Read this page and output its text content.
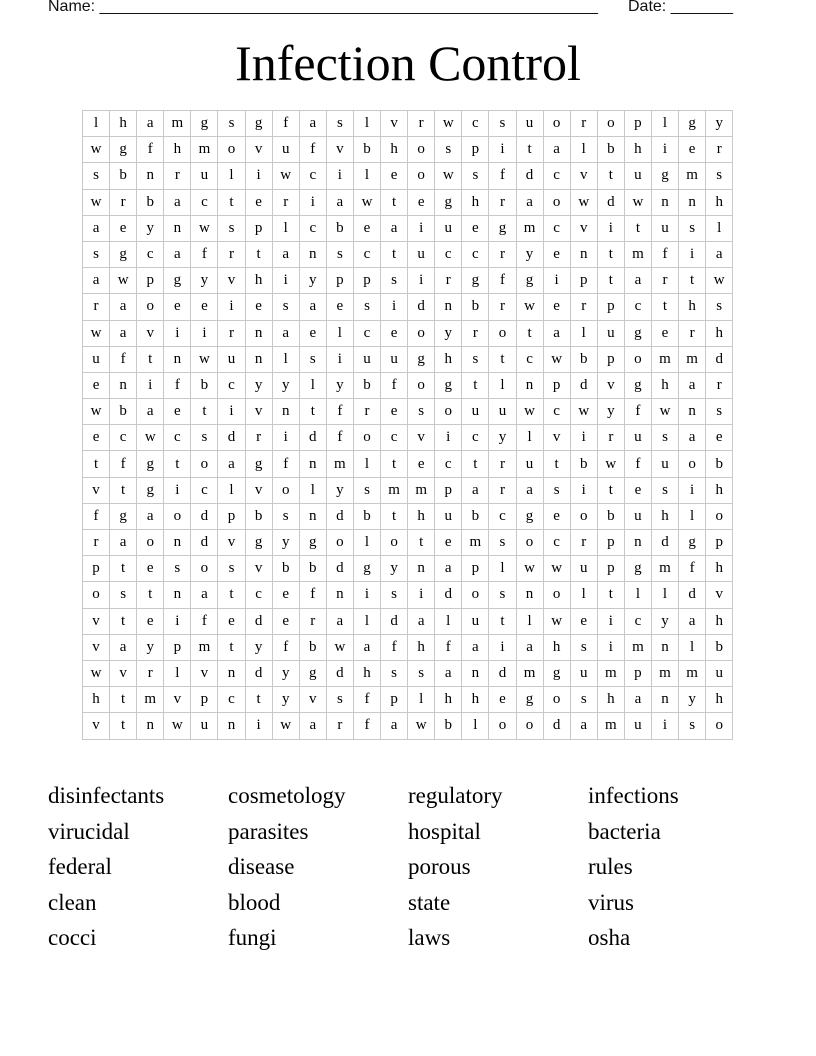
Name: ________________________________________________________ Date: _______
Infection Control
l	h	a	m	g	s	g	f	a	s	l	v	r	w	c	s	u	o	r	o	p	l	g	y
w	g	f	h	m	o	v	u	f	v	b	h	o	s	p	i	t	a	l	b	h	i	e	r
s	b	n	r	u	l	i	w	c	i	l	e	o	w	s	f	d	c	v	t	u	g	m	s
w	r	b	a	c	t	e	r	i	a	w	t	e	g	h	r	a	o	w	d	w	n	n	h
a	e	y	n	w	s	p	l	c	b	e	a	i	u	e	g	m	c	v	i	t	u	s	l
s	g	c	a	f	r	t	a	n	s	c	t	u	c	c	r	y	e	n	t	m	f	i	a
a	w	p	g	y	v	h	i	y	p	p	s	i	r	g	f	g	i	p	t	a	r	t	w
r	a	o	e	e	i	e	s	a	e	s	i	d	n	b	r	w	e	r	p	c	t	h	s
w	a	v	i	i	r	n	a	e	l	c	e	o	y	r	o	t	a	l	u	g	e	r	h
u	f	t	n	w	u	n	l	s	i	u	u	g	h	s	t	c	w	b	p	o	m	m	d
e	n	i	f	b	c	y	y	l	y	b	f	o	g	t	l	n	p	d	v	g	h	a	r
w	b	a	e	t	i	v	n	t	f	r	e	s	o	u	u	w	c	w	y	f	w	n	s
e	c	w	c	s	d	r	i	d	f	o	c	v	i	c	y	l	v	i	r	u	s	a	e
t	f	g	t	o	a	g	f	n	m	l	t	e	c	t	r	u	t	b	w	f	u	o	b
v	t	g	i	c	l	v	o	l	y	s	m	m	p	a	r	a	s	i	t	e	s	i	h
f	g	a	o	d	p	b	s	n	d	b	t	h	u	b	c	g	e	o	b	u	h	l	o
r	a	o	n	d	v	g	y	g	o	l	o	t	e	m	s	o	c	r	p	n	d	g	p
p	t	e	s	o	s	v	b	b	d	g	y	n	a	p	l	w	w	u	p	g	m	f	h
o	s	t	n	a	t	c	e	f	n	i	s	i	d	o	s	n	o	l	t	l	l	d	v
v	t	e	i	f	e	d	e	r	a	l	d	a	l	u	t	l	w	e	i	c	y	a	h
v	a	y	p	m	t	y	f	b	w	a	f	h	f	a	i	a	h	s	i	m	n	l	b
w	v	r	l	v	n	d	y	g	d	h	s	s	a	n	d	m	g	u	m	p	m	m	u
h	t	m	v	p	c	t	y	v	s	f	p	l	h	h	e	g	o	s	h	a	n	y	h
v	t	n	w	u	n	i	w	a	r	f	a	w	b	l	o	o	d	a	m	u	i	s	o
disinfectants
virucidal
federal
clean
cocci
cosmetology
parasites
disease
blood
fungi
regulatory
hospital
porous
state
laws
infections
bacteria
rules
virus
osha
